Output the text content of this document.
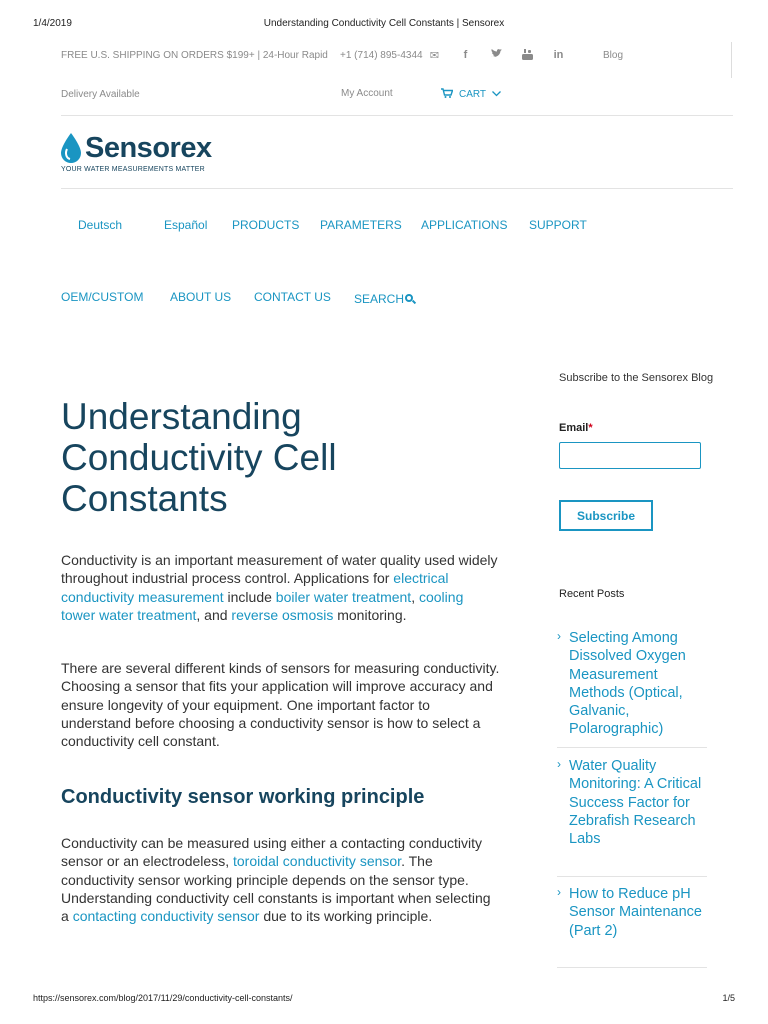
1/4/2019	Understanding Conductivity Cell Constants | Sensorex
FREE U.S. SHIPPING ON ORDERS $199+ | 24-Hour Rapid
Delivery Available
+1 (714) 895-4344 ✉	f	in	Blog
My Account	CART
Sensorex
YOUR WATER MEASUREMENTS MATTER
Deutsch	Español PRODUCTS PARAMETERS APPLICATIONS SUPPORT
OEM/CUSTOM ABOUT US CONTACT US SEARCH
Understanding Conductivity Cell Constants

Conductivity is an important measurement of water quality used widely throughout industrial process control. Applications for electrical conductivity measurement include boiler water treatment, cooling tower water treatment, and reverse osmosis monitoring.

There are several different kinds of sensors for measuring conductivity. Choosing a sensor that fits your application will improve accuracy and ensure longevity of your equipment. One important factor to understand before choosing a conductivity sensor is how to select a conductivity cell constant.

Conductivity sensor working principle

Conductivity can be measured using either a contacting conductivity sensor or an electrodeless, toroidal conductivity sensor. The conductivity sensor working principle depends on the sensor type. Understanding conductivity cell constants is important when selecting a contacting conductivity sensor due to its working principle.

Subscribe to the Sensorex Blog
Email*
Subscribe
Recent Posts
› Selecting Among Dissolved Oxygen Measurement Methods (Optical, Galvanic, Polarographic)
› Water Quality Monitoring: A Critical Success Factor for Zebrafish Research Labs
› How to Reduce pH Sensor Maintenance (Part 2)
https://sensorex.com/blog/2017/11/29/conductivity-cell-constants/	1/5
